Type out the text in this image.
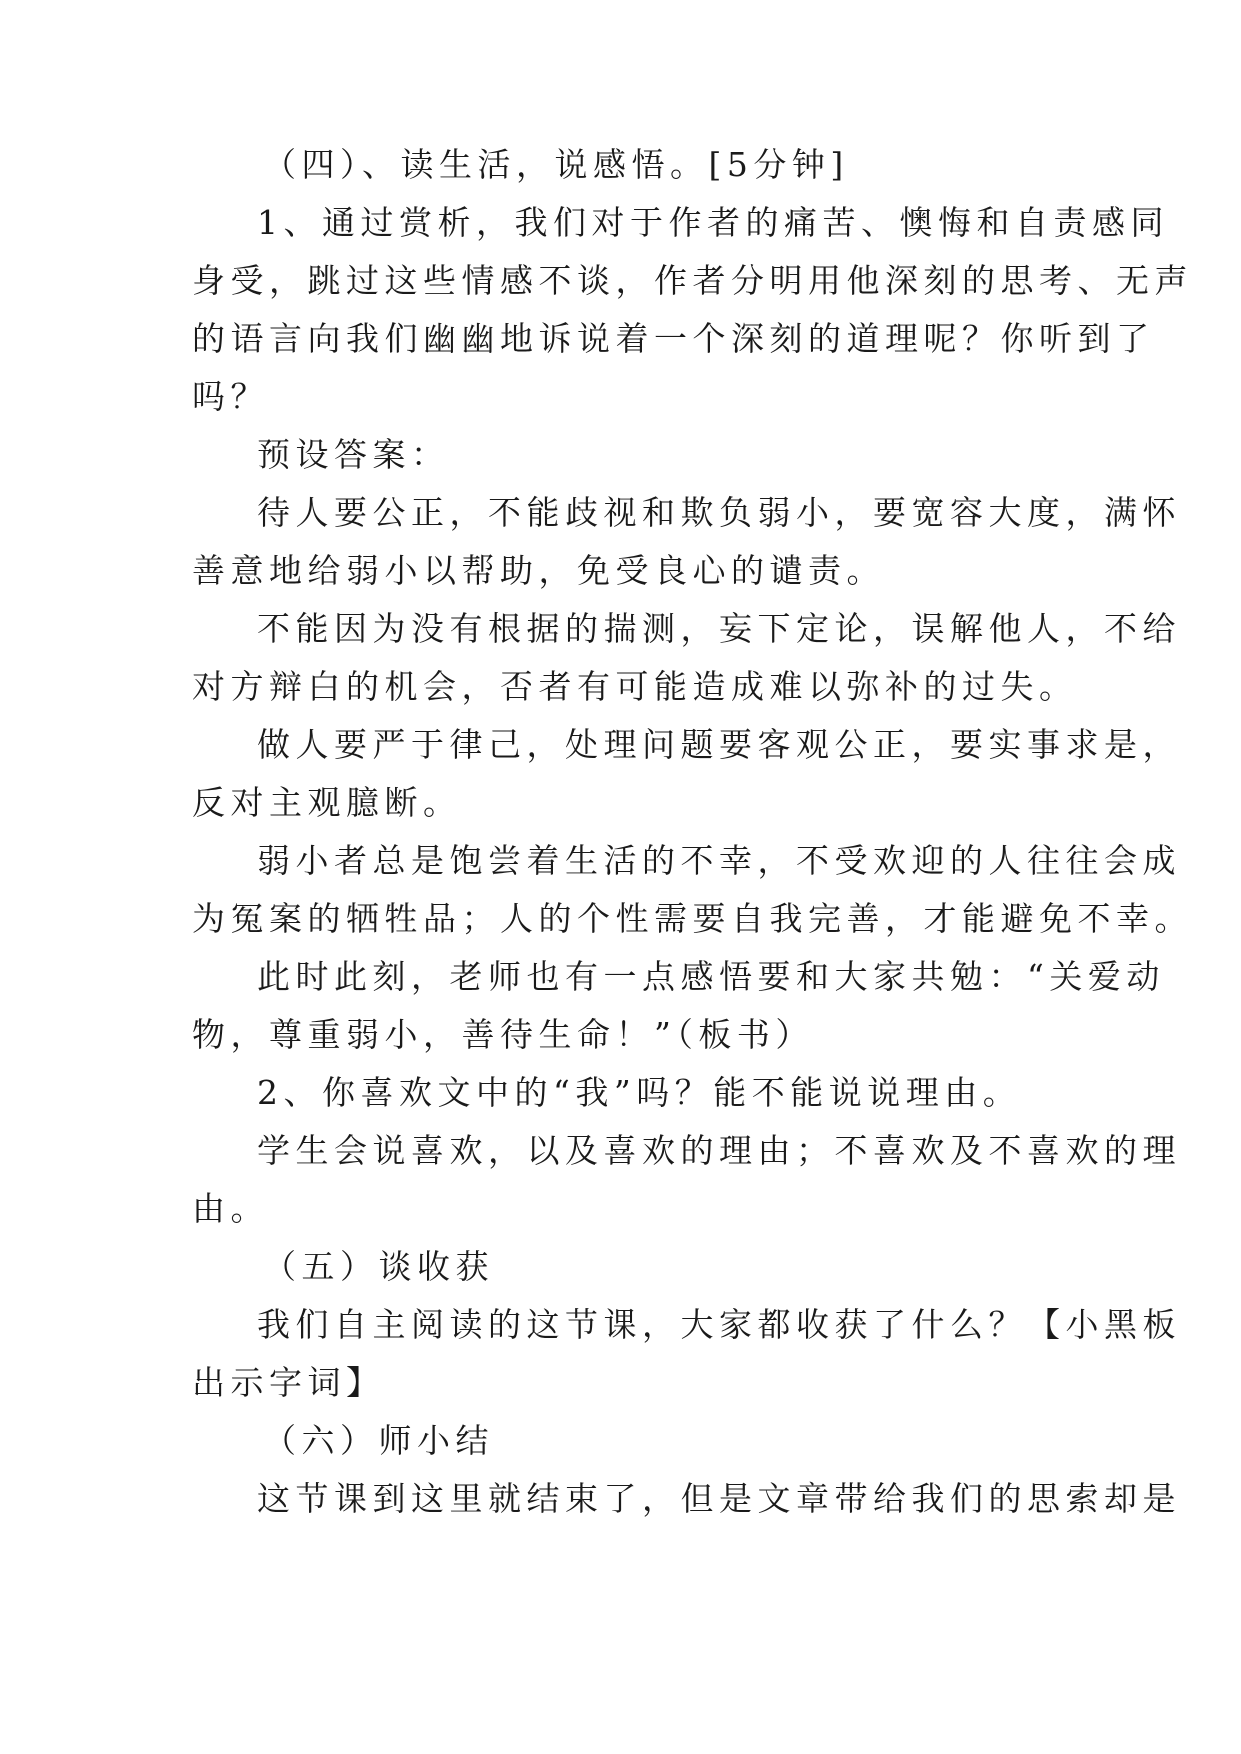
（四）、读生活，说感悟。[5分钟]
1、通过赏析，我们对于作者的痛苦、懊悔和自责感同
身受，跳过这些情感不谈，作者分明用他深刻的思考、无声
的语言向我们幽幽地诉说着一个深刻的道理呢？你听到了
吗？
预设答案：
待人要公正，不能歧视和欺负弱小，要宽容大度，满怀
善意地给弱小以帮助，免受良心的谴责。
不能因为没有根据的揣测，妄下定论，误解他人，不给
对方辩白的机会，否者有可能造成难以弥补的过失。
做人要严于律己，处理问题要客观公正，要实事求是，
反对主观臆断。
弱小者总是饱尝着生活的不幸，不受欢迎的人往往会成
为冤案的牺牲品；人的个性需要自我完善，才能避免不幸。
此时此刻，老师也有一点感悟要和大家共勉：“关爱动
物，尊重弱小，善待生命！”（板书）
2、你喜欢文中的“我”吗？能不能说说理由。
学生会说喜欢，以及喜欢的理由；不喜欢及不喜欢的理
由。
（五）谈收获
我们自主阅读的这节课，大家都收获了什么？【小黑板
出示字词】
（六）师小结
这节课到这里就结束了，但是文章带给我们的思索却是
